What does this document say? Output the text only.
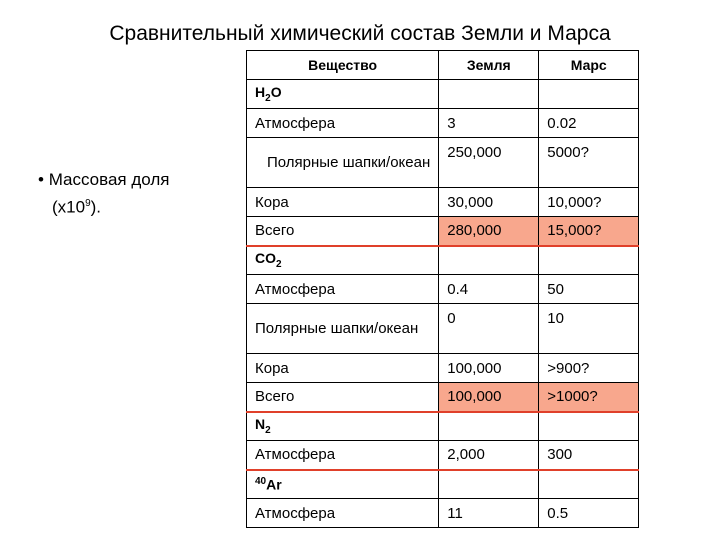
Сравнительный химический состав Земли и Марса
• Массовая доля
$(х10^9)$.
Вещество	Земля	Марс
$H_2O$		
Атмосфера	3	0.02
Полярные шапки/океан	250,000	5000?
Кора	30,000	10,000?
Всего	280,000	15,000?
$CO_2$		
Атмосфера	0.4	50
Полярные шапки/океан	0	10
Кора	100,000	>900?
Всего	100,000	>1000?
$N_2$		
Атмосфера	2,000	300
$^{40}$Ar		
Атмосфера	11	0.5
